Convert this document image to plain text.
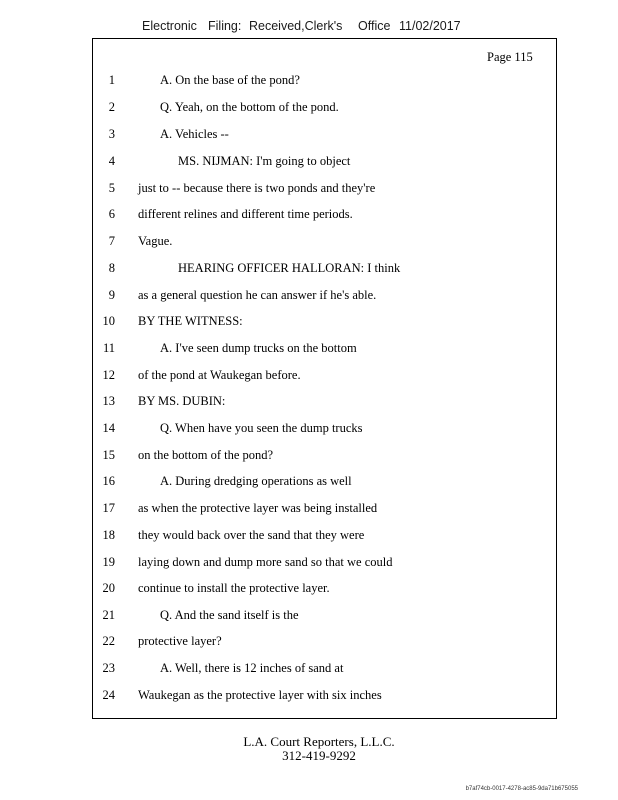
Electronic Filing: Received,Clerk's Office 11/02/2017
Page 115
1	A. On the base of the pond?
2	Q. Yeah, on the bottom of the pond.
3	A. Vehicles --
4	MS. NIJMAN: I'm going to object
5 just to -- because there is two ponds and they're
6 different relines and different time periods.
7 Vague.
8	HEARING OFFICER HALLORAN: I think
9 as a general question he can answer if he's able.
10 BY THE WITNESS:
11	A. I've seen dump trucks on the bottom
12 of the pond at Waukegan before.
13 BY MS. DUBIN:
14	Q. When have you seen the dump trucks
15 on the bottom of the pond?
16	A. During dredging operations as well
17 as when the protective layer was being installed
18 they would back over the sand that they were
19 laying down and dump more sand so that we could
20 continue to install the protective layer.
21	Q. And the sand itself is the
22 protective layer?
23	A. Well, there is 12 inches of sand at
24 Waukegan as the protective layer with six inches
L.A. Court Reporters, L.L.C.
312-419-9292
b7af74cb-0017-4278-ac85-9da71b675055
